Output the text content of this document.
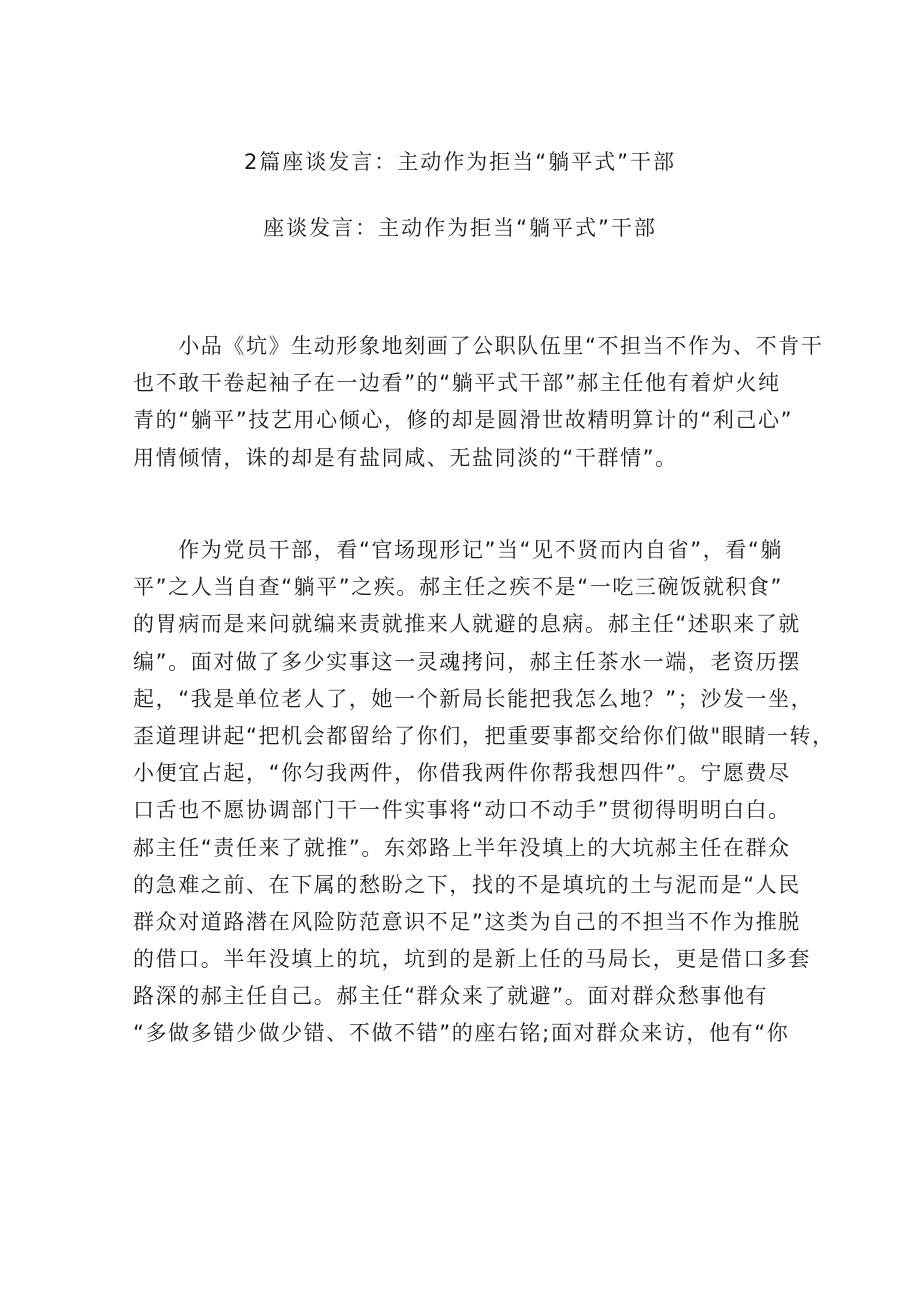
2篇座谈发言：主动作为拒当“躺平式”干部
座谈发言：主动作为拒当“躺平式”干部
　　小品《坑》生动形象地刻画了公职队伍里“不担当不作为、不肯干
也不敢干卷起袖子在一边看”的“躺平式干部”郝主任他有着炉火纯
青的“躺平”技艺用心倾心，修的却是圆滑世故精明算计的“利己心”
用情倾情，诛的却是有盐同咸、无盐同淡的“干群情”。
　　作为党员干部，看“官场现形记”当“见不贤而内自省”，看“躺
平”之人当自查“躺平”之疾。郝主任之疾不是“一吃三碗饭就积食”
的胃病而是来问就编来责就推来人就避的息病。郝主任“述职来了就
编”。面对做了多少实事这一灵魂拷问，郝主任茶水一端，老资历摆
起，“我是单位老人了，她一个新局长能把我怎么地？”；沙发一坐，
歪道理讲起“把机会都留给了你们，把重要事都交给你们做"眼睛一转，
小便宜占起，“你匀我两件，你借我两件你帮我想四件”。宁愿费尽
口舌也不愿协调部门干一件实事将“动口不动手”贯彻得明明白白。
郝主任“责任来了就推”。东郊路上半年没填上的大坑郝主任在群众
的急难之前、在下属的愁盼之下，找的不是填坑的土与泥而是“人民
群众对道路潜在风险防范意识不足”这类为自己的不担当不作为推脱
的借口。半年没填上的坑，坑到的是新上任的马局长，更是借口多套
路深的郝主任自己。郝主任“群众来了就避”。面对群众愁事他有
“多做多错少做少错、不做不错”的座右铭;面对群众来访，他有“你
